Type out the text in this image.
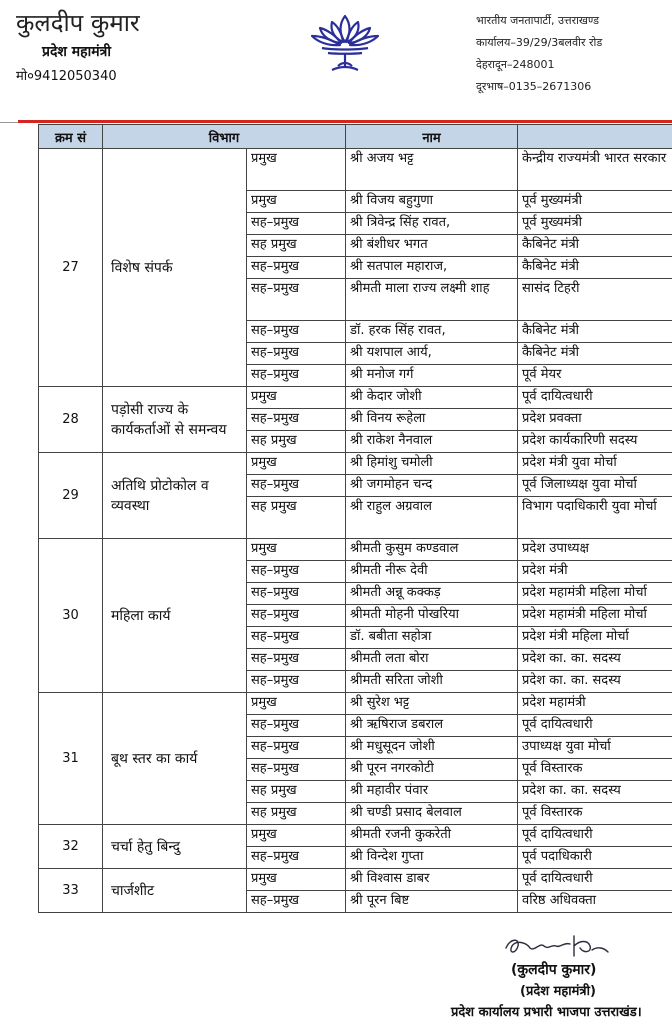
कुलदीप कुमार
प्रदेश महामंत्री
मो०9412050340
भारतीय जनतापार्टी, उत्तराखण्ड
कार्यालय–39/29/3बलवीर रोड
देहरादून–248001
दूरभाष–0135–2671306
क्रम सं	विभाग		नाम	
27	विशेष संपर्क	प्रमुख	श्री अजय भट्ट	केन्द्रीय राज्यमंत्री भारत सरकार
		प्रमुख	श्री विजय बहुगुणा	पूर्व मुख्यमंत्री
		सह–प्रमुख	श्री त्रिवेन्द्र सिंह रावत,	पूर्व मुख्यमंत्री
		सह प्रमुख	श्री बंशीधर भगत	कैबिनेट मंत्री
		सह–प्रमुख	श्री सतपाल महाराज,	कैबिनेट मंत्री
		सह–प्रमुख	श्रीमती माला राज्य लक्ष्मी शाह	सासंद टिहरी
		सह–प्रमुख	डॉ. हरक सिंह रावत,	कैबिनेट मंत्री
		सह–प्रमुख	श्री यशपाल आर्य,	कैबिनेट मंत्री
		सह–प्रमुख	श्री मनोज गर्ग	पूर्व मेयर
28	पड़ोसी राज्य के कार्यकर्ताओं से समन्वय	प्रमुख	श्री केदार जोशी	पूर्व दायित्वधारी
		सह–प्रमुख	श्री विनय रूहेला	प्रदेश प्रवक्ता
		सह प्रमुख	श्री राकेश नैनवाल	प्रदेश कार्यकारिणी सदस्य
29	अतिथि प्रोटोकोल व व्यवस्था	प्रमुख	श्री हिमांशु चमोली	प्रदेश मंत्री युवा मोर्चा
		सह–प्रमुख	श्री जगमोहन चन्द	पूर्व जिलाध्यक्ष युवा मोर्चा
		सह प्रमुख	श्री राहुल अग्रवाल	विभाग पदाधिकारी युवा मोर्चा
30	महिला कार्य	प्रमुख	श्रीमती कुसुम कण्डवाल	प्रदेश उपाध्यक्ष
		सह–प्रमुख	श्रीमती नीरू देवी	प्रदेश मंत्री
		सह–प्रमुख	श्रीमती अन्नू कक्कड़	प्रदेश महामंत्री महिला मोर्चा
		सह–प्रमुख	श्रीमती मोहनी पोखरिया	प्रदेश महामंत्री महिला मोर्चा
		सह–प्रमुख	डॉ. बबीता सहोत्रा	प्रदेश मंत्री महिला मोर्चा
		सह–प्रमुख	श्रीमती लता बोरा	प्रदेश का. का. सदस्य
		सह–प्रमुख	श्रीमती सरिता जोशी	प्रदेश का. का. सदस्य
31	बूथ स्तर का कार्य	प्रमुख	श्री सुरेश भट्ट	प्रदेश महामंत्री
		सह–प्रमुख	श्री ऋषिराज डबराल	पूर्व दायित्वधारी
		सह–प्रमुख	श्री मधुसूदन जोशी	उपाध्यक्ष युवा मोर्चा
		सह–प्रमुख	श्री पूरन नगरकोटी	पूर्व विस्तारक
		सह प्रमुख	श्री महावीर पंवार	प्रदेश का. का. सदस्य
		सह प्रमुख	श्री चण्डी प्रसाद बेलवाल	पूर्व विस्तारक
32	चर्चा हेतु बिन्दु	प्रमुख	श्रीमती रजनी कुकरेती	पूर्व दायित्वधारी
		सह–प्रमुख	श्री विन्देश गुप्ता	पूर्व पदाधिकारी
33	चार्जशीट	प्रमुख	श्री विश्वास डाबर	पूर्व दायित्वधारी
		सह–प्रमुख	श्री पूरन बिष्ट	वरिष्ठ अधिवक्ता
(कुलदीप कुमार)
(प्रदेश महामंत्री)
प्रदेश कार्यालय प्रभारी भाजपा उत्तराखंड।
